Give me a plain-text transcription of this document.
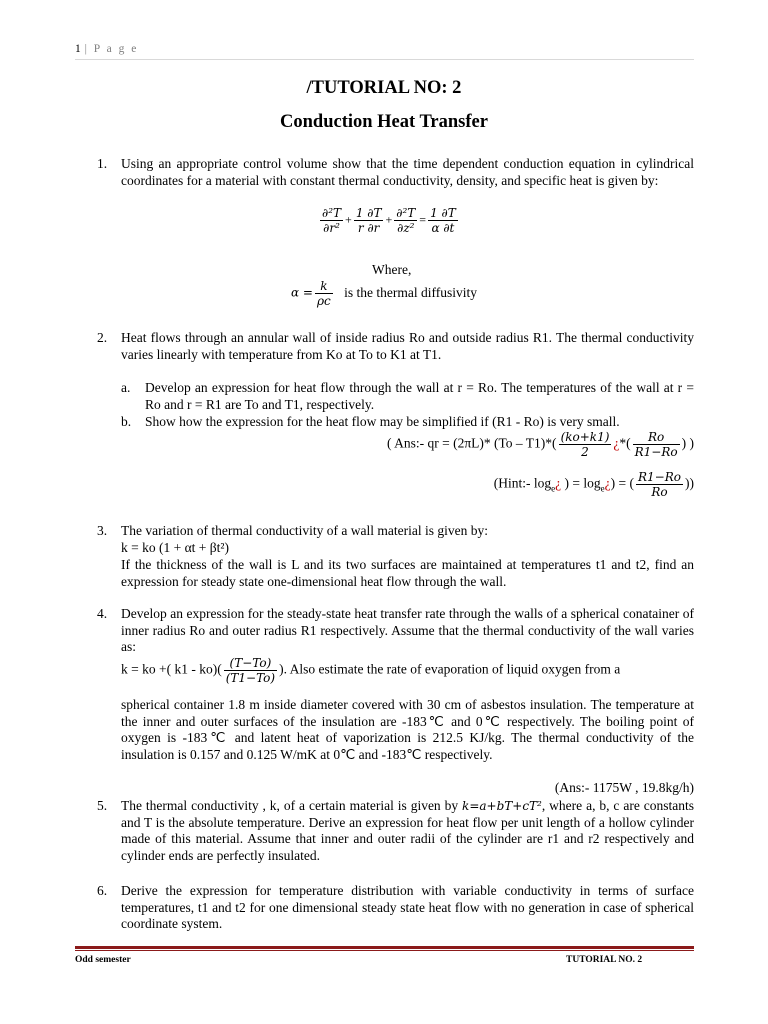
1 | P a g e
/TUTORIAL NO: 2
Conduction Heat Transfer
1. Using an appropriate control volume show that the time dependent conduction equation in cylindrical coordinates for a material with constant thermal conductivity, density, and specific heat is given by:
$\frac{\text{∂²T}}{\text{∂r²}} + \frac{1 \partial T}{r \partial r} + \frac{\text{∂²T}}{\text{∂z²}} = \frac{1 \partial T}{\alpha \partial t}$
Where,
$\alpha = \frac{k}{\rho c}$ is the thermal diffusivity
2. Heat flows through an annular wall of inside radius Ro and outside radius R1. The thermal conductivity varies linearly with temperature from Ko at To to K1 at T1.
a. Develop an expression for heat flow through the wall at r = Ro. The temperatures of the wall at r = Ro and r = R1 are To and T1, respectively.
b. Show how the expression for the heat flow may be simplified if (R1 - Ro) is very small.
( Ans:- qr = (2πL)* $(To - T1)*( \frac{(ko+k1)}{2}$ ¿*( $\frac{Ro}{R1-Ro}$ ) )
(Hint:- $\log_e¿$ ) = $\log_e¿$) = ( $\frac{R1-Ro}{Ro}$ ))
3. The variation of thermal conductivity of a wall material is given by:
k = ko (1 + αt + βt²)
If the thickness of the wall is L and its two surfaces are maintained at temperatures t1 and t2, find an expression for steady state one-dimensional heat flow through the wall.
4. Develop an expression for the steady-state heat transfer rate through the walls of a spherical conatainer of inner radius Ro and outer radius R1 respectively. Assume that the thermal conductivity of the wall varies as:
k = ko +( $k1 - ko)( \frac{(T-To)}{(T1-To)}$ ). Also estimate the rate of evaporation of liquid oxygen from a
spherical container 1.8 m inside diameter covered with 30 cm of asbestos insulation. The temperature at the inner and outer surfaces of the insulation are -183℃ and 0℃ respectively. The boiling point of oxygen is -183℃ and latent heat of vaporization is 212.5 KJ/kg. The thermal conductivity of the insulation is 0.157 and 0.125 W/mK at 0℃ and -183℃ respectively.
(Ans:- 1175W , 19.8kg/h)
5. The thermal conductivity , k, of a certain material is given by k=a+bT+cT², where a, b, c are constants and T is the absolute temperature. Derive an expression for heat flow per unit length of a hollow cylinder made of this material. Assume that inner and outer radii of the cylinder are r1 and r2 respectively and cylinder ends are perfectly insulated.
6. Derive the expression for temperature distribution with variable conductivity in terms of surface temperatures, t1 and t2 for one dimensional steady state heat flow with no generation in case of spherical coordinate system.
Odd semester	TUTORIAL NO. 2
